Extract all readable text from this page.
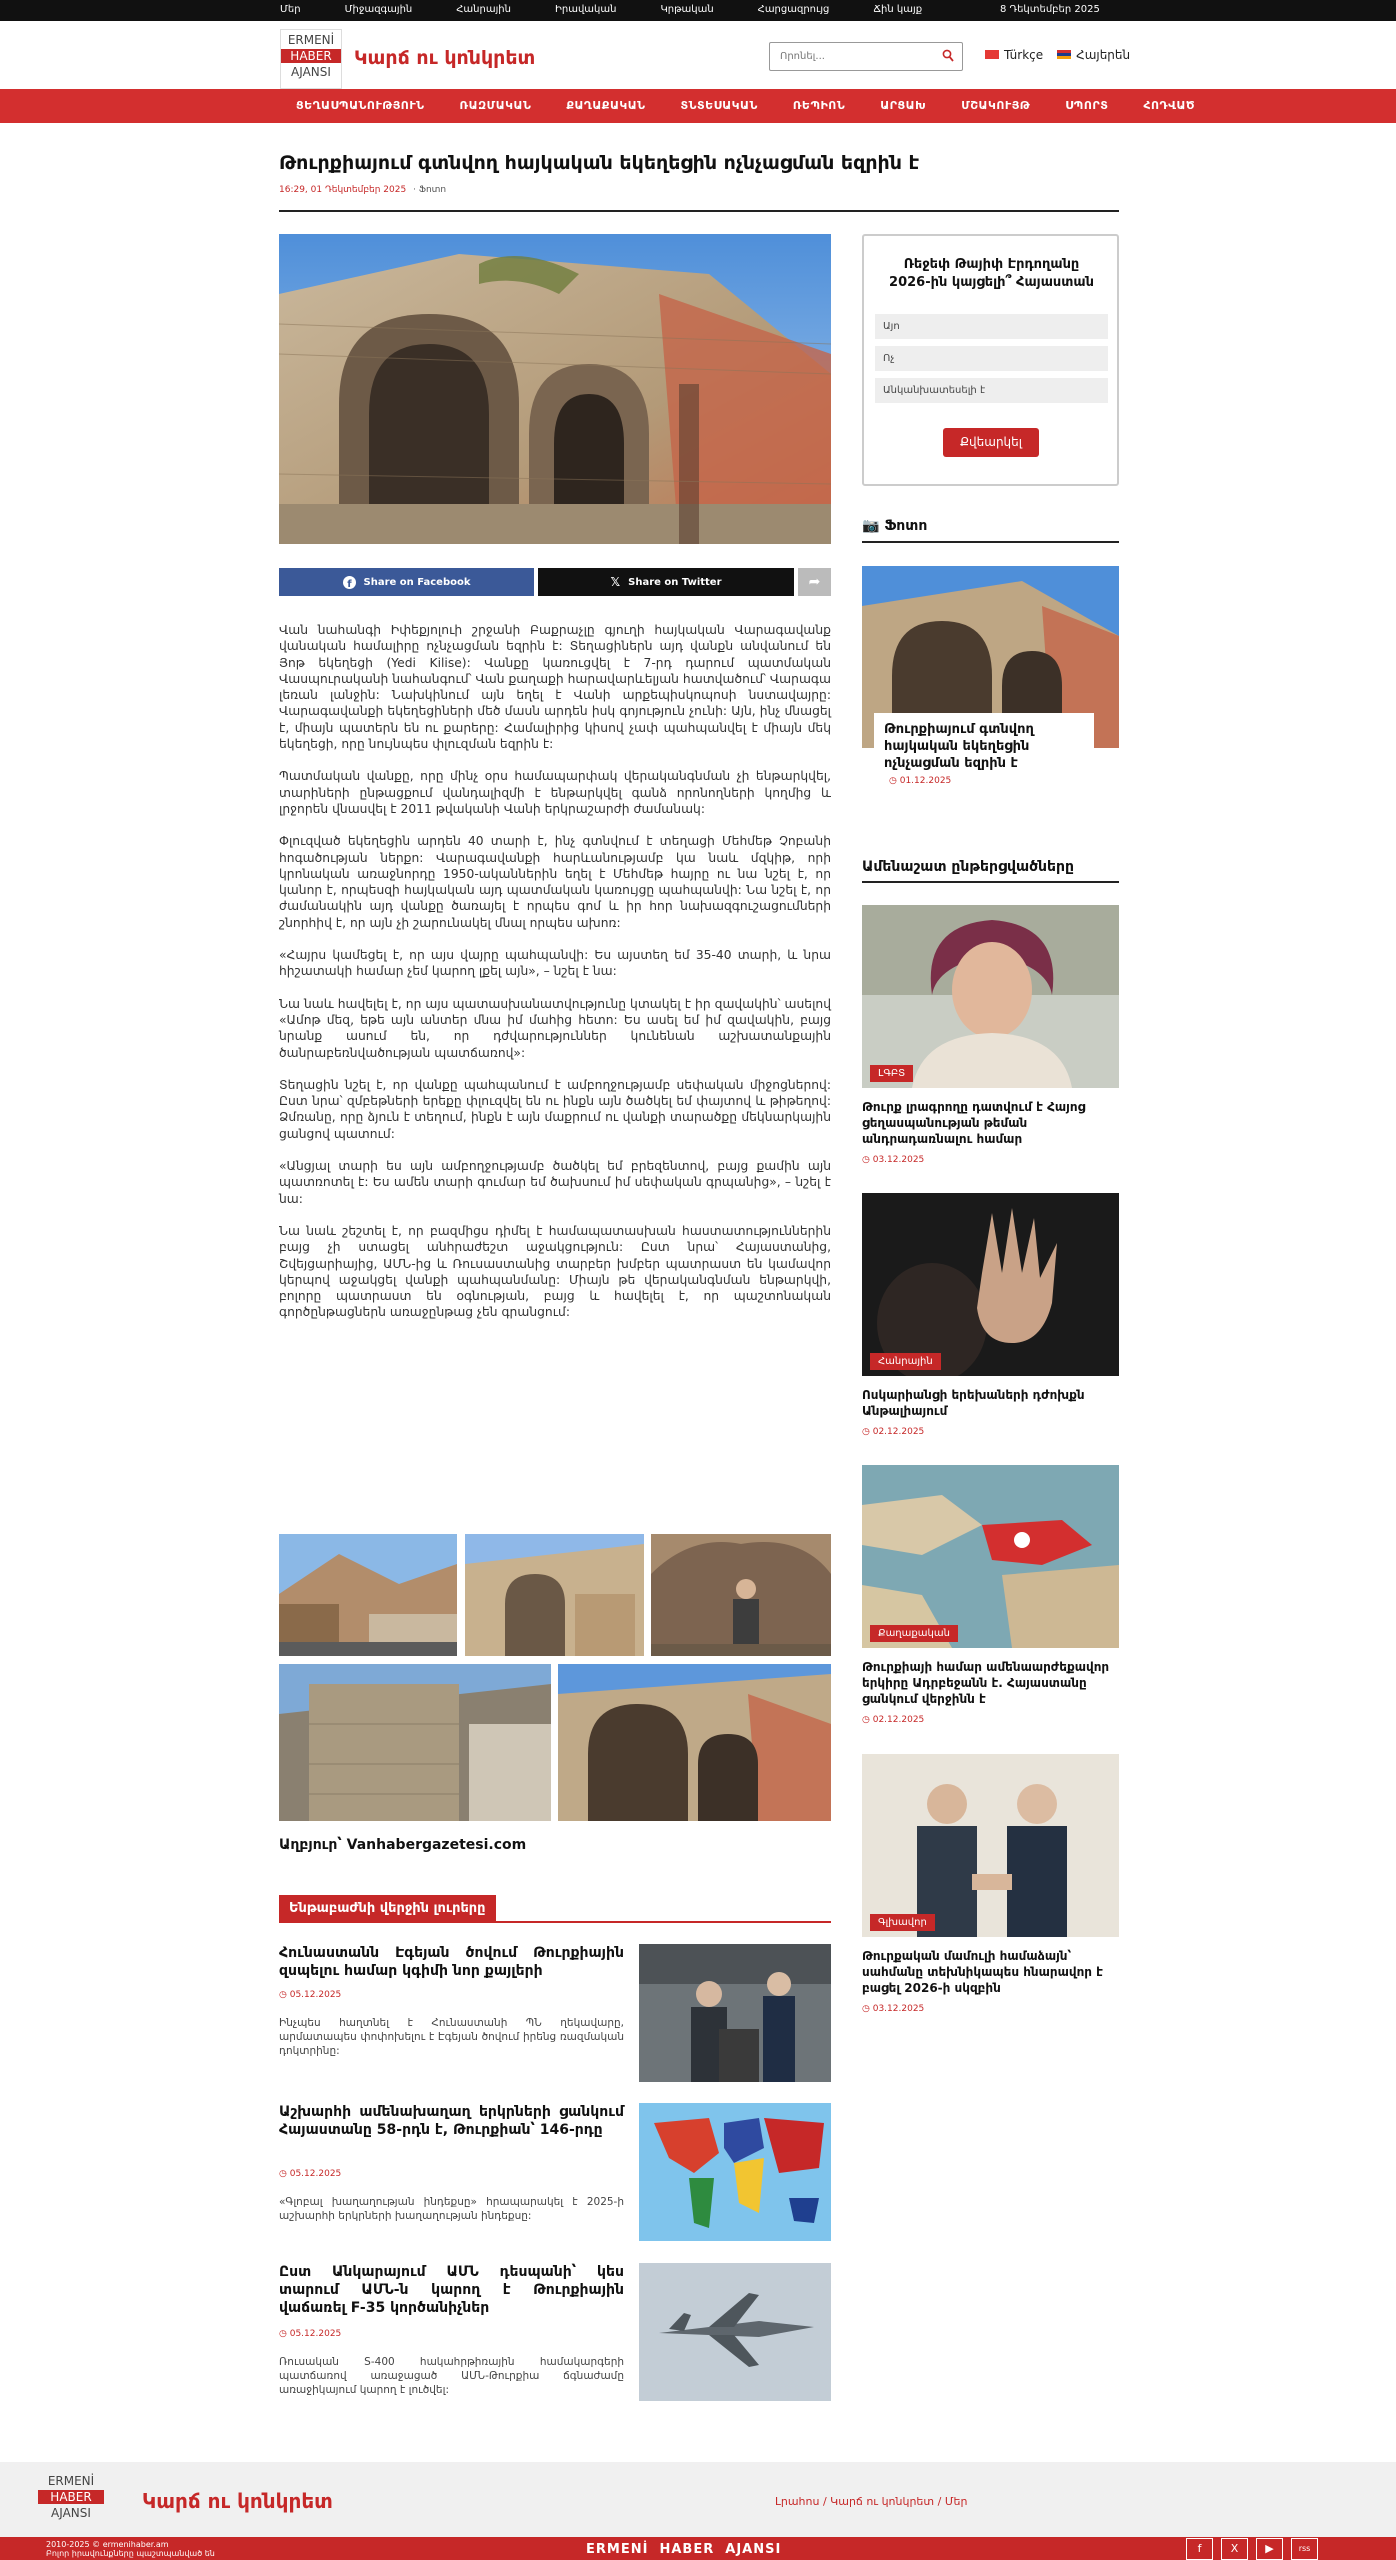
Մեր	Միջազգային	Հանրային	Իրավական	Կրթական	Հարցազրույց	Ճին կայք	8 Դեկտեմբեր 2025
ERMENİ
HABER
AJANSI
Կարճ ու կոնկրետ
Որոնել...	Türkçe	Հայերեն
ՑԵՂԱՍՊԱՆՈՒԹՅՈՒՆ	ՌԱԶՄԱԿԱՆ	ՔԱՂԱՔԱԿԱՆ	ՏՆՏԵՍԱԿԱՆ	ՌԵՊԻՈՆ	ԱՐՑԱԽ	ՄՇԱԿՈՒՅԹ	ՍՊՈՐՏ	ՀՈԴՎԱԾ
Թուրքիայում գտնվող հայկական եկեղեցին ոչնչացման եզրին է
16:29, 01 Դեկտեմբեր 2025 · Ֆոտո
f Share on Facebook	𝕏 Share on Twitter	➦

Վան նահանգի Իփեքյոլուի շրջանի Բաքրաչլը գյուղի հայկական Վարագավանք վանական համալիրը ոչնչացման եզրին է: Տեղացիներն այդ վանքն անվանում են Յոթ եկեղեցի (Yedi Kilise): Վանքը կառուցվել է 7-րդ դարում պատմական Վասպուրականի նահանգում՝ Վան քաղաքի հարավարևելյան հատվածում՝ Վարագա լեռան լանջին: Նախկինում այն եղել է Վանի արքեպիսկոպոսի նստավայրը: Վարագավանքի եկեղեցիների մեծ մասն արդեն իսկ գոյություն չունի: Այն, ինչ մնացել է, միայն պատերն են ու քարերը: Համալիրից կիսով չափ պահպանվել է միայն մեկ եկեղեցի, որը նույնպես փլուզման եզրին է:

Պատմական վանքը, որը մինչ օրս համապարփակ վերականգնման չի ենթարկվել, տարիների ընթացքում վանդալիզմի է ենթարկվել գանձ որոնողների կողմից և լրջորեն վնասվել է 2011 թվականի Վանի երկրաշարժի ժամանակ:

Փլուզված եկեղեցին արդեն 40 տարի է, ինչ գտնվում է տեղացի Մեհմեթ Չոբանի հոգածության ներքո: Վարագավանքի հարևանությամբ կա նաև մզկիթ, որի կրոնական առաջնորդը 1950-ականներին եղել է Մեհմեթ հայրը ու նա նշել է, որ կանոր է, որպեսզի հայկական այդ պատմական կառույցը պահպանվի: Նա նշել է, որ ժամանակին այդ վանքը ծառայել է որպես գոմ և իր հոր նախազգուշացումների շնորհիվ է, որ այն չի շարունակել մնալ որպես ախոռ:

«Հայրս կամեցել է, որ այս վայրը պահպանվի: Ես այստեղ եմ 35-40 տարի, և նրա հիշատակի համար չեմ կարող լքել այն», – նշել է նա:

Նա նաև հավելել է, որ այս պատասխանատվությունը կտակել է իր զավակին՝ ասելով «Ամոթ մեզ, եթե այն անտեր մնա իմ մահից հետո: Ես ասել եմ իմ զավակին, բայց նրանք ասում են, որ դժվարություններ կունենան աշխատանքային ծանրաբեռնվածության պատճառով»:

Տեղացին նշել է, որ վանքը պահպանում է ամբողջությամբ սեփական միջոցներով: Ըստ նրա՝ զմբեթների երեքը փլուզվել են ու ինքն այն ծածկել եմ փայտով և թիթեղով: Ձմռանը, որը ձյուն է տեղում, ինքն է այն մաքրում ու վանքի տարածքը մեկնարկային ցանցով պատում:

«Անցյալ տարի ես այն ամբողջությամբ ծածկել եմ բրեզենտով, բայց քամին այն պատռոտել է: Ես ամեն տարի գումար եմ ծախսում իմ սեփական գրպանից», – նշել է նա:

Նա նաև շեշտել է, որ բազմիցս դիմել է համապատասխան հաստատություններին բայց չի ստացել անհրաժեշտ աջակցություն: Ըստ նրա՝ Հայաստանից, Շվեյցարիայից, ԱՄՆ-ից և Ռուսաստանից տարբեր խմբեր պատրաստ են կամավոր կերպով աջակցել վանքի պահպանմանը: Միայն թե վերականգնման ենթարկվի, բոլորը պատրաստ են օգնության, բայց և հավելել է, որ պաշտոնական գործընթացներն առաջընթաց չեն գրանցում:

Աղբյուր՝ Vanhabergazetesi.com
Ենթաբաժնի վերջին լուրերը
Հունաստանն Էգեյան ծովում Թուրքիային զսպելու համար կգիմի նոր քայլերի
◷ 05.12.2025
Ինչպես հաղտնել է Հունաստանի ՊՆ ղեկավարը, արմատապես փոփոխելու է Էգեյան ծովում իրենց ռազմական դոկտրինը:
Աշխարհի ամենախաղաղ երկրների ցանկում Հայաստանը 58-րդն է, Թուրքիան՝ 146-րդը
◷ 05.12.2025
«Գլոբալ խաղաղության ինդեքսը» հրապարակել է 2025-ի աշխարհի երկրների խաղաղության ինդեքսը:
Ըստ Անկարայում ԱՄՆ դեսպանի՝ կես տարում ԱՄՆ-ն կարող է Թուրքիային վաճառել F-35 կործանիչներ
◷ 05.12.2025
Ռուսական S-400 հակահրթիռային համակարգերի պատճառով առաջացած ԱՄՆ-Թուրքիա ճգնաժամը առաջիկայում կարող է լուծվել:
Ռեջեփ Թայիփ Էրդողանը 2026-ին կայցելի՞ Հայաստան
Այո
Ոչ
Անկանխատեսելի է
Քվեարկել
📷 Ֆոտո
Թուրքիայում գտնվող հայկական եկեղեցին ոչնչացման եզրին է
◷ 01.12.2025
Ամենաշատ ընթերցվածները
ԼԳԲՏ
Թուրք լրագրողը դատվում է Հայոց ցեղասպանության թեման անդրադառնալու համար
◷ 03.12.2025
Հանրային
Ոսկարիանցի երեխաների դժոխքն Անթալիայում
◷ 02.12.2025
Քաղաքական
Թուրքիայի համար ամենաարժեքավոր երկիրը Ադրբեջանն է. Հայաստանը ցանկում վերջինն է
◷ 02.12.2025
Գլխավոր
Թուրքական մամուլի համաձայն՝ սահմանը տեխնիկապես հնարավոր է բացել 2026-ի սկզբին
◷ 03.12.2025
ERMENİ
HABER
AJANSI	Կարճ ու կոնկրետ	Լրահոս / Կարճ ու կոնկրետ / Մեր
2010-2025 © ermenihaber.am
Բոլոր իրավունքները պաշտպանված են	ERMENİ  HABER  AJANSI	f	X	▶	rss
